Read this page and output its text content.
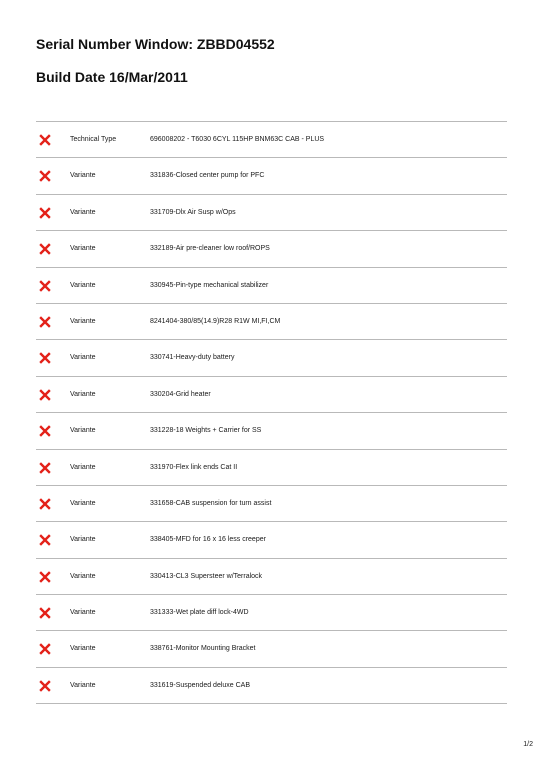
Serial Number Window: ZBBD04552
Build Date 16/Mar/2011
Technical Type	696008202 - T6030 6CYL 115HP BNM63C CAB - PLUS
Variante	331836-Closed center pump for PFC
Variante	331709-Dlx Air Susp w/Ops
Variante	332189-Air pre-cleaner low roof/ROPS
Variante	330945-Pin-type mechanical stabilizer
Variante	8241404-380/85(14.9)R28 R1W MI,FI,CM
Variante	330741-Heavy-duty battery
Variante	330204-Grid heater
Variante	331228-18 Weights + Carrier for SS
Variante	331970-Flex link ends Cat II
Variante	331658-CAB suspension for turn assist
Variante	338405-MFD for 16 x 16 less creeper
Variante	330413-CL3 Supersteer w/Terralock
Variante	331333-Wet plate diff lock-4WD
Variante	338761-Monitor Mounting Bracket
Variante	331619-Suspended deluxe CAB
1/2
